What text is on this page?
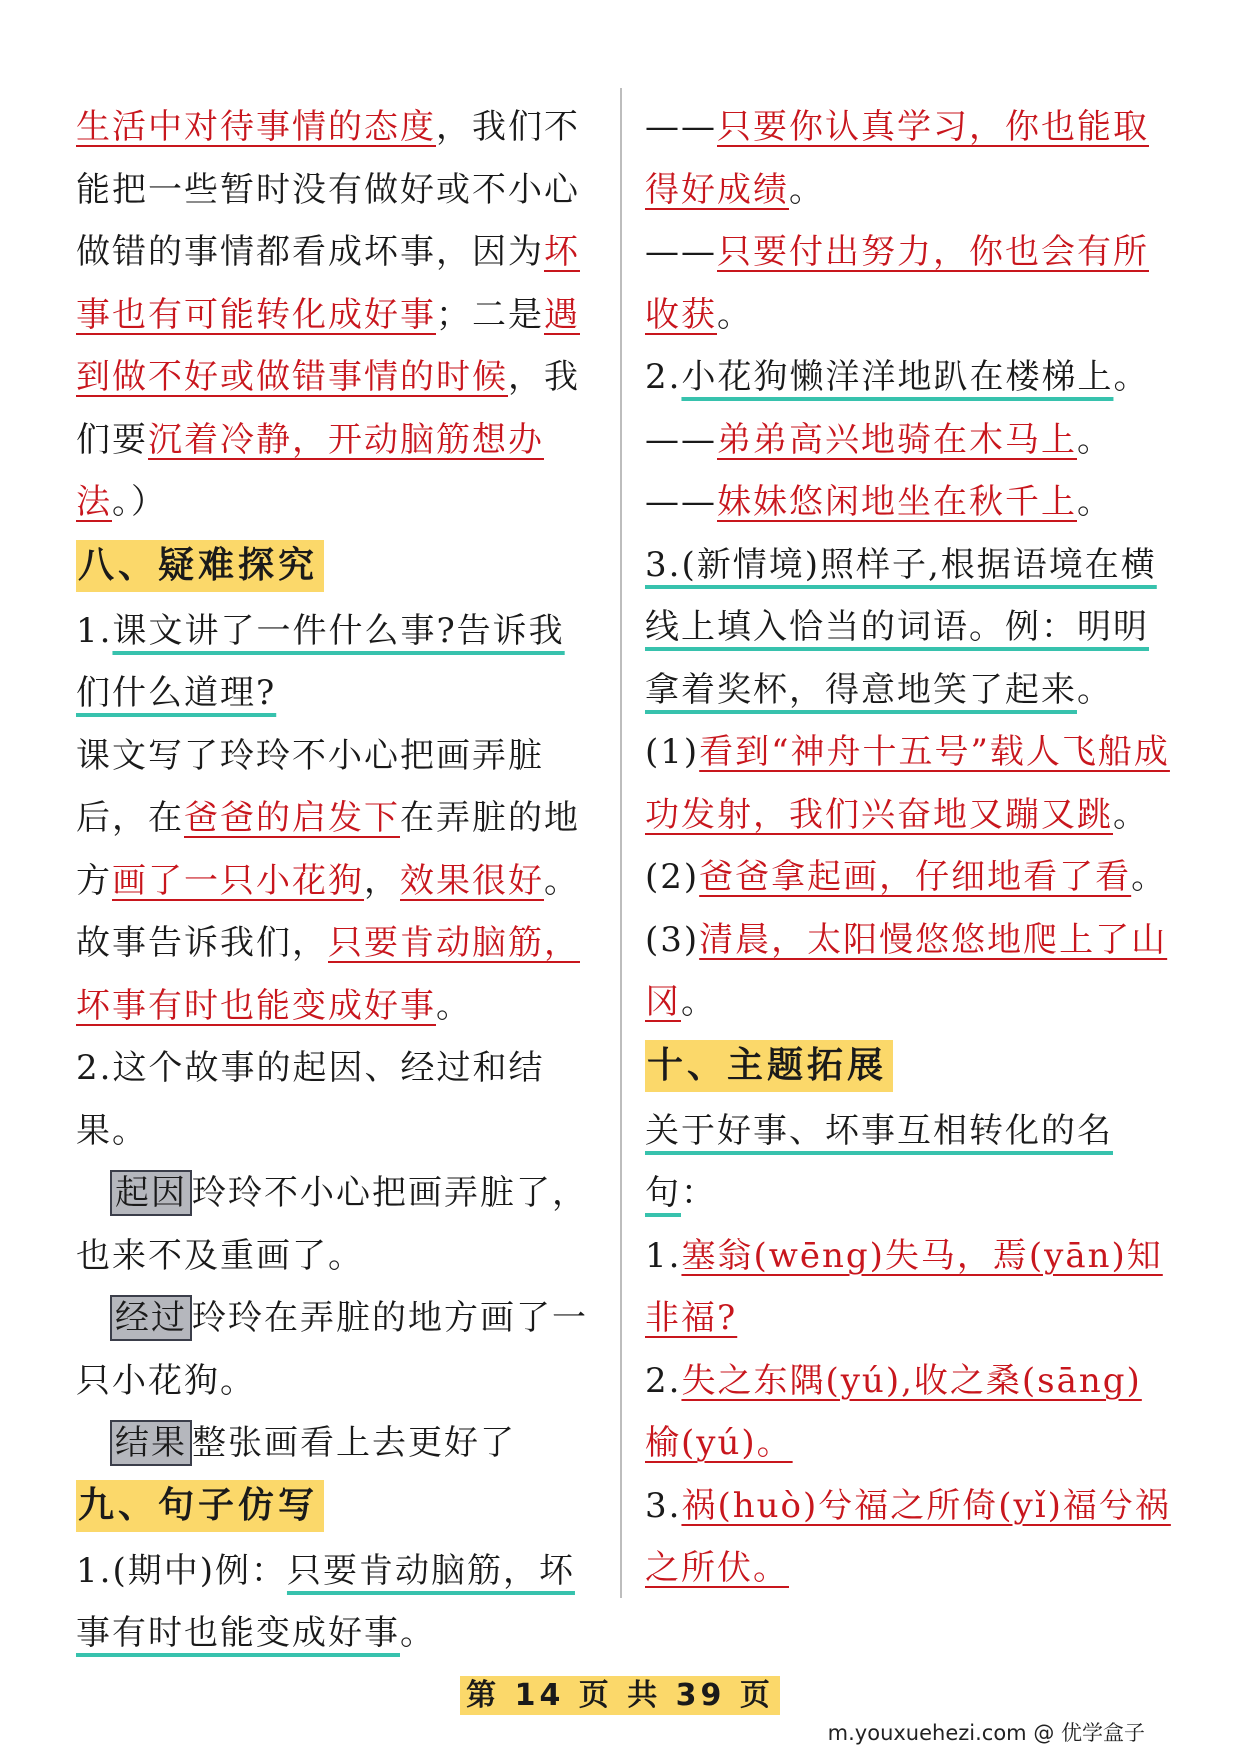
生活中对待事情的态度，我们不能把一些暂时没有做好或不小心做错的事情都看成坏事，因为坏事也有可能转化成好事；二是遇到做不好或做错事情的时候，我们要沉着冷静，开动脑筋想办法。）

八、疑难探究

1.课文讲了一件什么事?告诉我们什么道理?

课文写了玲玲不小心把画弄脏后，在爸爸的启发下在弄脏的地方画了一只小花狗，效果很好。故事告诉我们，只要肯动脑筋，坏事有时也能变成好事。

2.这个故事的起因、经过和结果。

起因 玲玲不小心把画弄脏了，也来不及重画了。

经过 玲玲在弄脏的地方画了一只小花狗。

结果 整张画看上去更好了

九、句子仿写

1.(期中)例：只要肯动脑筋，坏事有时也能变成好事。

——只要你认真学习，你也能取得好成绩。

——只要付出努力，你也会有所收获。

2.小花狗懒洋洋地趴在楼梯上。

——弟弟高兴地骑在木马上。

——妹妹悠闲地坐在秋千上。

3.(新情境)照样子,根据语境在横线上填入恰当的词语。例：明明拿着奖杯，得意地笑了起来。

(1)看到“神舟十五号”载人飞船成功发射，我们兴奋地又蹦又跳。

(2)爸爸拿起画，仔细地看了看。

(3)清晨，太阳慢悠悠地爬上了山冈。

十、主题拓展

关于好事、坏事互相转化的名句：

1.塞翁(wēng)失马，焉(yān)知非福?

2.失之东隅(yú),收之桑(sāng)榆(yú)。

3.祸(huò)兮福之所倚(yǐ)福兮祸之所伏。

第 14 页 共 39 页
m.youxuehezi.com @ 优学盒子
